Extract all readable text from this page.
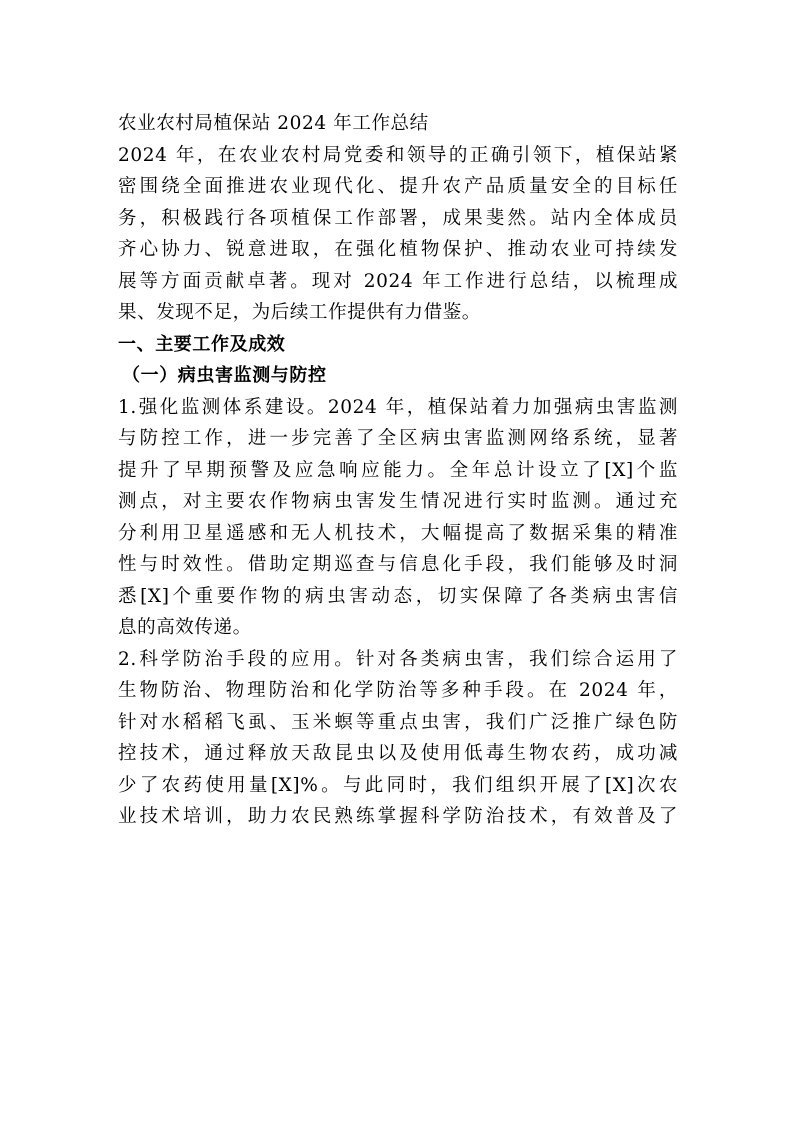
农业农村局植保站 2024 年工作总结
2024 年，在农业农村局党委和领导的正确引领下，植保站紧
密围绕全面推进农业现代化、提升农产品质量安全的目标任
务，积极践行各项植保工作部署，成果斐然。站内全体成员
齐心协力、锐意进取，在强化植物保护、推动农业可持续发
展等方面贡献卓著。现对 2024 年工作进行总结，以梳理成
果、发现不足，为后续工作提供有力借鉴。
一、主要工作及成效
（一）病虫害监测与防控
1.强化监测体系建设。2024 年，植保站着力加强病虫害监测
与防控工作，进一步完善了全区病虫害监测网络系统，显著
提升了早期预警及应急响应能力。全年总计设立了[X]个监
测点，对主要农作物病虫害发生情况进行实时监测。通过充
分利用卫星遥感和无人机技术，大幅提高了数据采集的精准
性与时效性。借助定期巡查与信息化手段，我们能够及时洞
悉[X]个重要作物的病虫害动态，切实保障了各类病虫害信
息的高效传递。
2.科学防治手段的应用。针对各类病虫害，我们综合运用了
生物防治、物理防治和化学防治等多种手段。在 2024 年，
针对水稻稻飞虱、玉米螟等重点虫害，我们广泛推广绿色防
控技术，通过释放天敌昆虫以及使用低毒生物农药，成功减
少了农药使用量[X]%。与此同时，我们组织开展了[X]次农
业技术培训，助力农民熟练掌握科学防治技术，有效普及了
